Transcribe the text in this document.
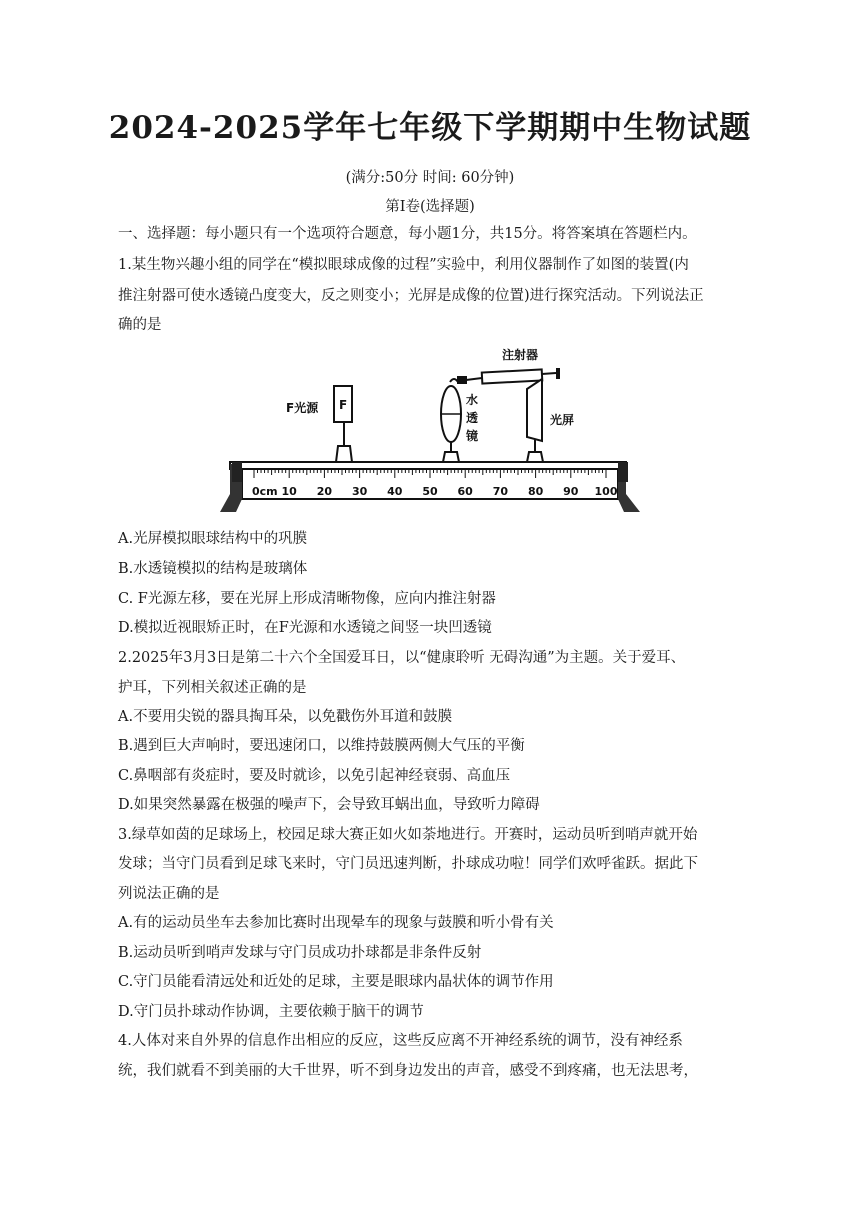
2024-2025学年七年级下学期期中生物试题
(满分:50分 时间: 60分钟)
第Ⅰ卷(选择题)
一、选择题：每小题只有一个选项符合题意，每小题1分，共15分。将答案填在答题栏内。
1.某生物兴趣小组的同学在“模拟眼球成像的过程”实验中，利用仪器制作了如图的装置(内
推注射器可使水透镜凸度变大，反之则变小；光屏是成像的位置)进行探究活动。下列说法正
确的是
注射器
F
F光源
水
透
镜
光屏
0cm 10 20 30 40 50 60 70 80 90 100
A.光屏模拟眼球结构中的巩膜
B.水透镜模拟的结构是玻璃体
C. F光源左移，要在光屏上形成清晰物像，应向内推注射器
D.模拟近视眼矫正时，在F光源和水透镜之间竖一块凹透镜
2.2025年3月3日是第二十六个全国爱耳日，以“健康聆听 无碍沟通”为主题。关于爱耳、
护耳，下列相关叙述正确的是
A.不要用尖锐的器具掏耳朵，以免戳伤外耳道和鼓膜
B.遇到巨大声响时，要迅速闭口，以维持鼓膜两侧大气压的平衡
C.鼻咽部有炎症时，要及时就诊，以免引起神经衰弱、高血压
D.如果突然暴露在极强的噪声下，会导致耳蜗出血，导致听力障碍
3.绿草如茵的足球场上，校园足球大赛正如火如荼地进行。开赛时，运动员听到哨声就开始
发球；当守门员看到足球飞来时，守门员迅速判断，扑球成功啦！同学们欢呼雀跃。据此下
列说法正确的是
A.有的运动员坐车去参加比赛时出现晕车的现象与鼓膜和听小骨有关
B.运动员听到哨声发球与守门员成功扑球都是非条件反射
C.守门员能看清远处和近处的足球，主要是眼球内晶状体的调节作用
D.守门员扑球动作协调，主要依赖于脑干的调节
4.人体对来自外界的信息作出相应的反应，这些反应离不开神经系统的调节，没有神经系
统，我们就看不到美丽的大千世界，听不到身边发出的声音，感受不到疼痛，也无法思考，
